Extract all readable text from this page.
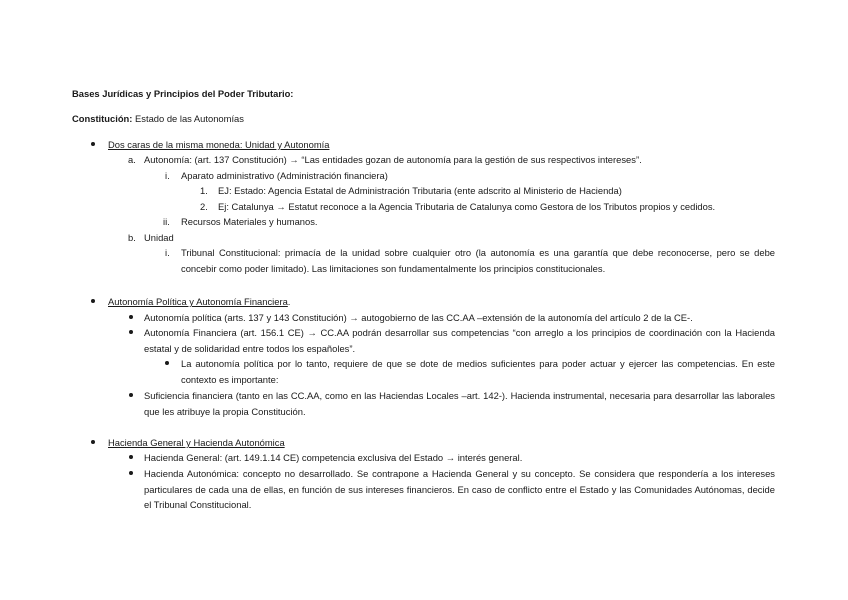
Bases Jurídicas y Principios del Poder Tributario:
Constitución: Estado de las Autonomías
Dos caras de la misma moneda: Unidad y Autonomía
a. Autonomía: (art. 137 Constitución) → “Las entidades gozan de autonomía para la gestión de sus respectivos intereses”.
i. Aparato administrativo (Administración financiera)
1. EJ: Estado: Agencia Estatal de Administración Tributaria (ente adscrito al Ministerio de Hacienda)
2. Ej: Catalunya → Estatut reconoce a la Agencia Tributaria de Catalunya como Gestora de los Tributos propios y cedidos.
ii. Recursos Materiales y humanos.
b. Unidad
i. Tribunal Constitucional: primacía de la unidad sobre cualquier otro (la autonomía es una garantía que debe reconocerse, pero se debe concebir como poder limitado). Las limitaciones son fundamentalmente los principios constitucionales.
Autonomía Política y Autonomía Financiera.
Autonomía política (arts. 137 y 143 Constitución) → autogobierno de las CC.AA –extensión de la autonomía del artículo 2 de la CE-.
Autonomía Financiera (art. 156.1 CE) → CC.AA podrán desarrollar sus competencias “con arreglo a los principios de coordinación con la Hacienda estatal y de solidaridad entre todos los españoles”.
La autonomía política por lo tanto, requiere de que se dote de medios suficientes para poder actuar y ejercer las competencias. En este contexto es importante:
Suficiencia financiera (tanto en las CC.AA, como en las Haciendas Locales –art. 142-). Hacienda instrumental, necesaria para desarrollar las laborales que les atribuye la propia Constitución.
Hacienda General y Hacienda Autonómica
Hacienda General: (art. 149.1.14 CE) competencia exclusiva del Estado → interés general.
Hacienda Autonómica: concepto no desarrollado. Se contrapone a Hacienda General y su concepto. Se considera que respondería a los intereses particulares de cada una de ellas, en función de sus intereses financieros. En caso de conflicto entre el Estado y las Comunidades Autónomas, decide el Tribunal Constitucional.
